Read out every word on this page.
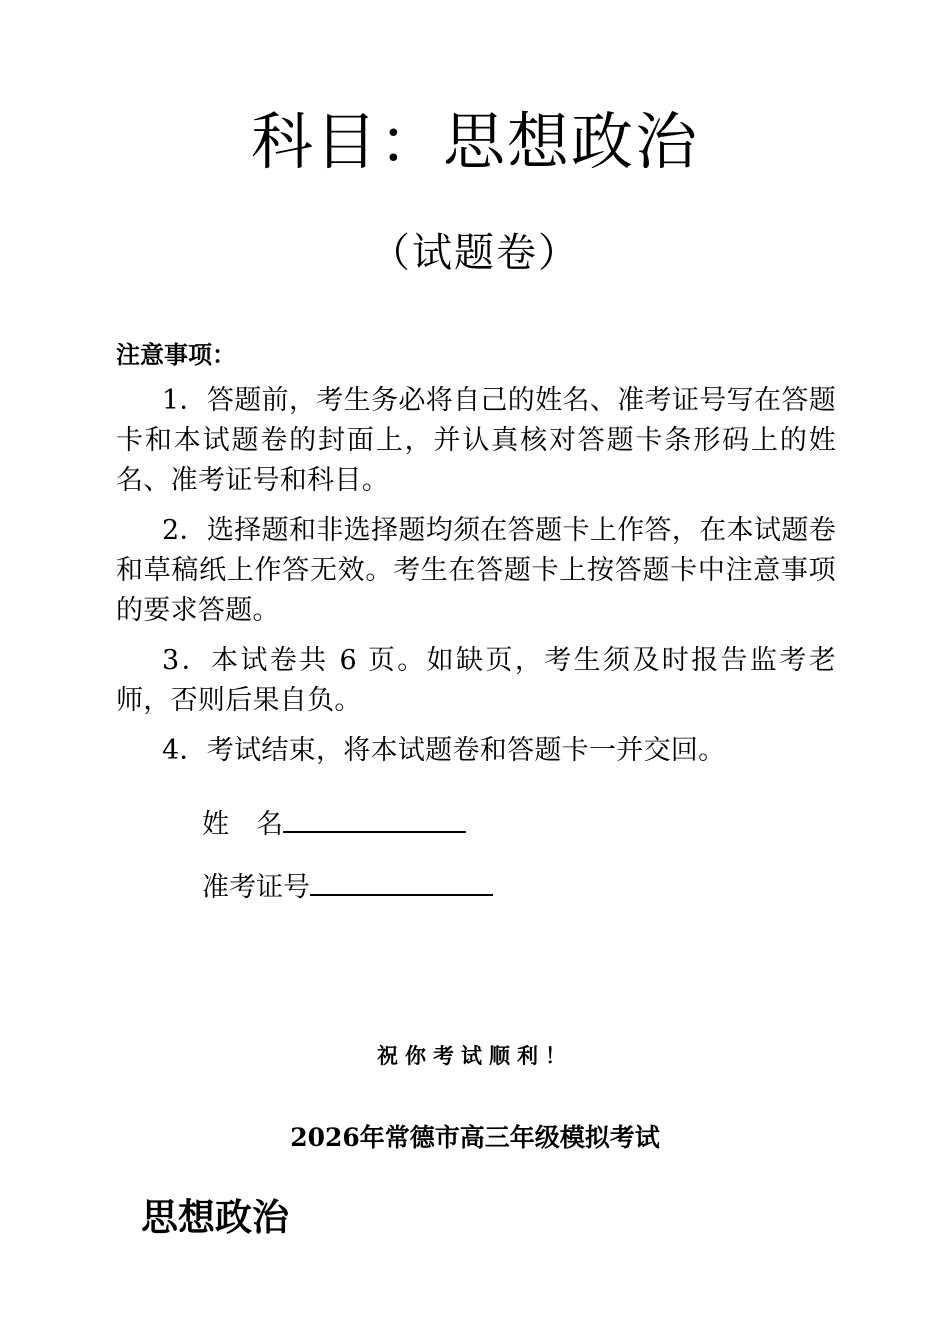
科目：思想政治
（试题卷）
注意事项：
1．答题前，考生务必将自己的姓名、准考证号写在答题卡和本试题卷的封面上，并认真核对答题卡条形码上的姓名、准考证号和科目。
2．选择题和非选择题均须在答题卡上作答，在本试题卷和草稿纸上作答无效。考生在答题卡上按答题卡中注意事项的要求答题。
3．本试卷共 6 页。如缺页，考生须及时报告监考老师，否则后果自负。
4．考试结束，将本试题卷和答题卡一并交回。
姓　名
准考证号
祝你考试顺利！
2026年常德市高三年级模拟考试
思想政治
